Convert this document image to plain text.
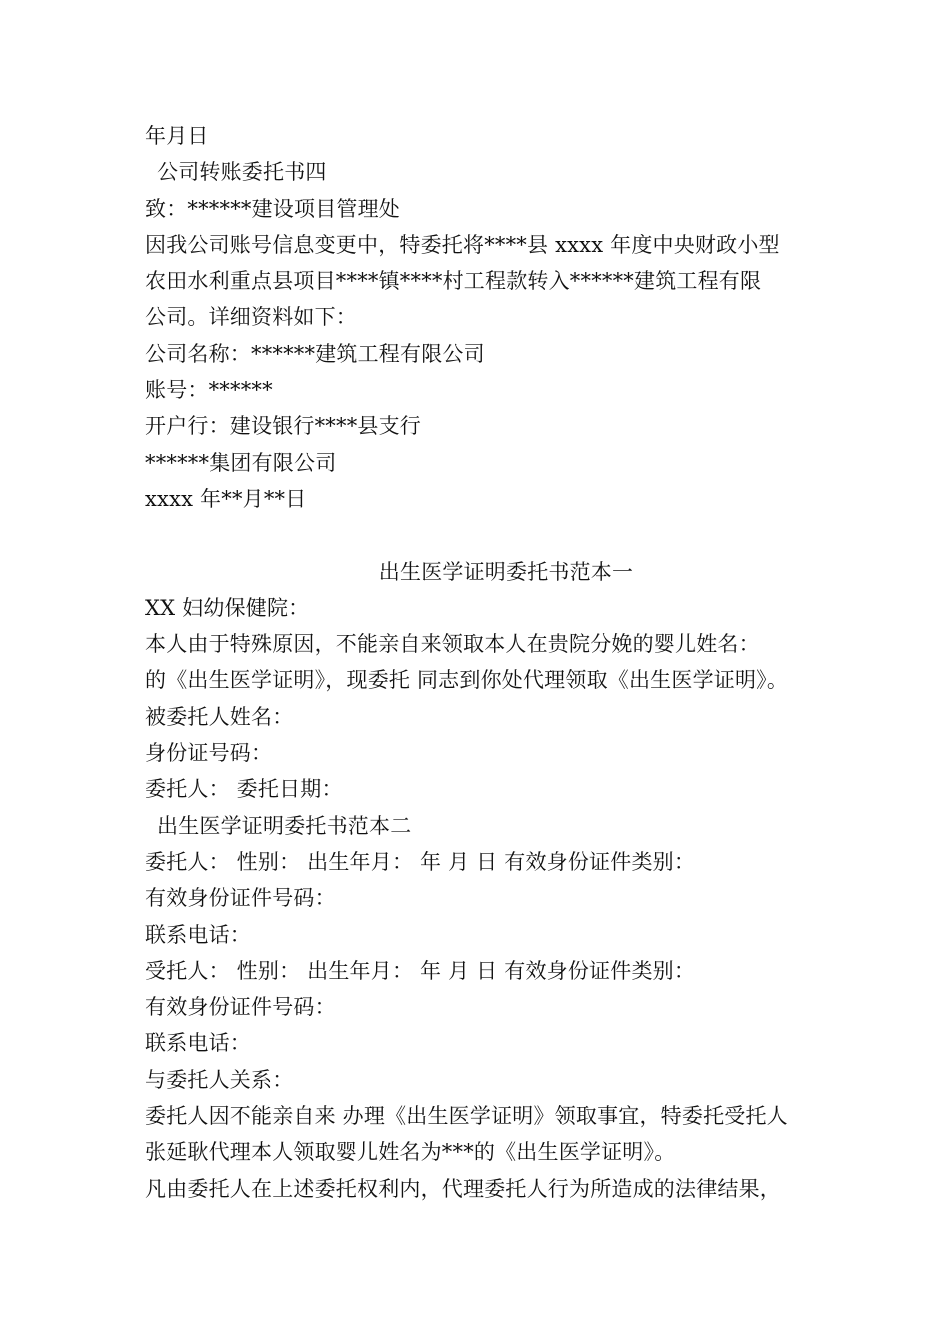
年月日
公司转账委托书四
致：******建设项目管理处
因我公司账号信息变更中，特委托将****县 xxxx 年度中央财政小型
农田水利重点县项目****镇****村工程款转入******建筑工程有限
公司。详细资料如下：
公司名称：******建筑工程有限公司
账号：******
开户行：建设银行****县支行
******集团有限公司
xxxx 年**月**日
出生医学证明委托书范本一
XX 妇幼保健院：
本人由于特殊原因，不能亲自来领取本人在贵院分娩的婴儿姓名：
的《出生医学证明》，现委托 同志到你处代理领取《出生医学证明》。
被委托人姓名：
身份证号码：
委托人： 委托日期：
出生医学证明委托书范本二
委托人： 性别： 出生年月： 年 月 日 有效身份证件类别：
有效身份证件号码：
联系电话：
受托人： 性别： 出生年月： 年 月 日 有效身份证件类别：
有效身份证件号码：
联系电话：
与委托人关系：
委托人因不能亲自来 办理《出生医学证明》领取事宜，特委托受托人
张延耿代理本人领取婴儿姓名为***的《出生医学证明》。
凡由委托人在上述委托权利内，代理委托人行为所造成的法律结果，
